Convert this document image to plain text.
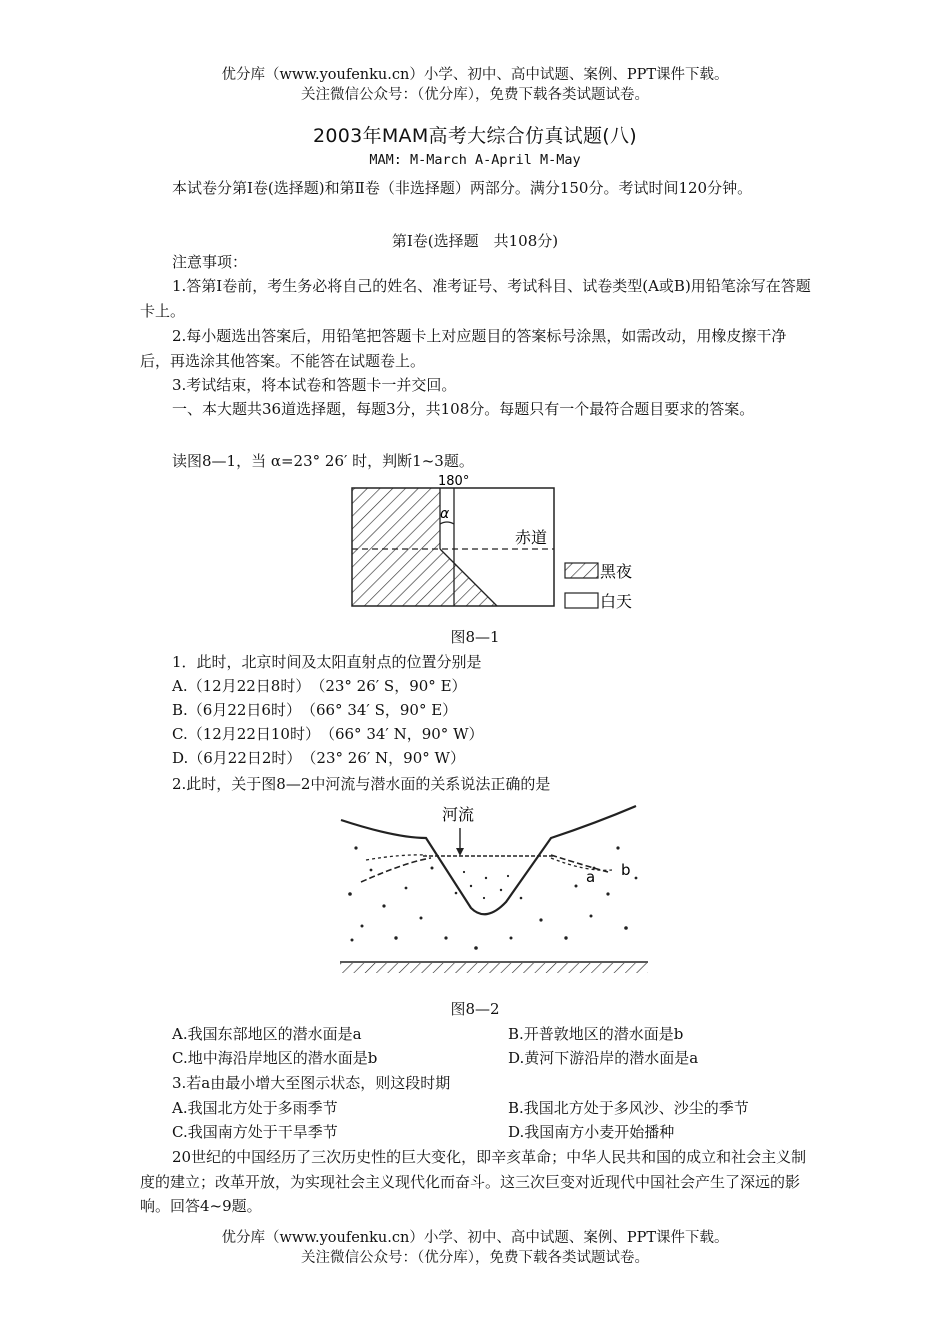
优分库（www.youfenku.cn）小学、初中、高中试题、案例、PPT课件下载。
关注微信公众号：（优分库），免费下载各类试题试卷。
2003年MAM高考大综合仿真试题(八)
MAM: M-March A-April M-May
本试卷分第Ⅰ卷(选择题)和第Ⅱ卷（非选择题）两部分。满分150分。考试时间120分钟。
第Ⅰ卷(选择题　共108分)
注意事项：
1.答第Ⅰ卷前，考生务必将自己的姓名、准考证号、考试科目、试卷类型(A或B)用铅笔涂写在答题卡上。
2.每小题选出答案后，用铅笔把答题卡上对应题目的答案标号涂黑，如需改动，用橡皮擦干净后，再选涂其他答案。不能答在试题卷上。
3.考试结束，将本试卷和答题卡一并交回。
一、本大题共36道选择题，每题3分，共108分。每题只有一个最符合题目要求的答案。
读图8—1，当 α=23° 26′ 时，判断1~3题。
180°
α
赤道
黑夜
白天
图8—1
1．此时，北京时间及太阳直射点的位置分别是
A.（12月22日8时）　（23° 26′ S，90° E）
B.（6月22日6时）　（66° 34′ S，90° E）
C.（12月22日10时）　（66° 34′ N，90° W）
D.（6月22日2时）　（23° 26′ N，90° W）
2.此时，关于图8—2中河流与潜水面的关系说法正确的是
河流
a b
图8—2
A.我国东部地区的潜水面是a	B.开普敦地区的潜水面是b
C.地中海沿岸地区的潜水面是b	D.黄河下游沿岸的潜水面是a
3.若a由最小增大至图示状态，则这段时期
A.我国北方处于多雨季节	B.我国北方处于多风沙、沙尘的季节
C.我国南方处于干旱季节	D.我国南方小麦开始播种
20世纪的中国经历了三次历史性的巨大变化，即辛亥革命；中华人民共和国的成立和社会主义制度的建立；改革开放，为实现社会主义现代化而奋斗。这三次巨变对近现代中国社会产生了深远的影响。回答4~9题。
优分库（www.youfenku.cn）小学、初中、高中试题、案例、PPT课件下载。
关注微信公众号：（优分库），免费下载各类试题试卷。
